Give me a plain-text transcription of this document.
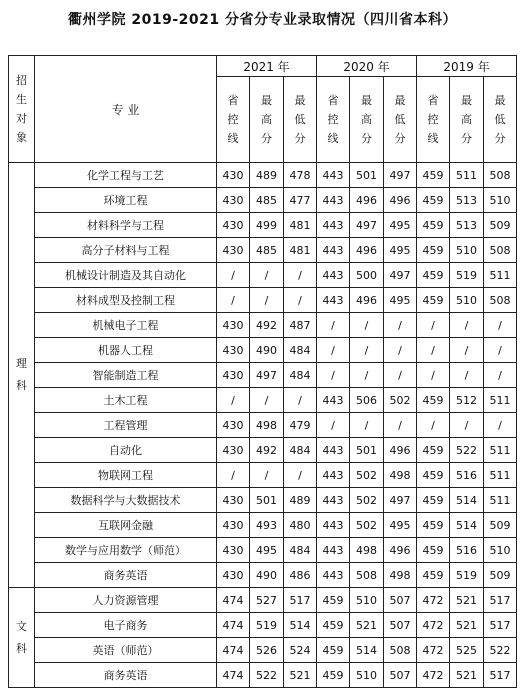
衢州学院 2019-2021 分省分专业录取情况（四川省本科）
招
生
对
象	专 业	2021 年			2020 年			2019 年		
		省
控
线	最
高
分	最
低
分	省
控
线	最
高
分	最
低
分	省
控
线	最
高
分	最
低
分
理
科	化学工程与工艺	430	489	478	443	501	497	459	511	508
	环境工程	430	485	477	443	496	496	459	513	510
	材料科学与工程	430	499	481	443	497	495	459	513	509
	高分子材料与工程	430	485	481	443	496	495	459	510	508
	机械设计制造及其自动化	/	/	/	443	500	497	459	519	511
	材料成型及控制工程	/	/	/	443	496	495	459	510	508
	机械电子工程	430	492	487	/	/	/	/	/	/
	机器人工程	430	490	484	/	/	/	/	/	/
	智能制造工程	430	497	484	/	/	/	/	/	/
	土木工程	/	/	/	443	506	502	459	512	511
	工程管理	430	498	479	/	/	/	/	/	/
	自动化	430	492	484	443	501	496	459	522	511
	物联网工程	/	/	/	443	502	498	459	516	511
	数据科学与大数据技术	430	501	489	443	502	497	459	514	511
	互联网金融	430	493	480	443	502	495	459	514	509
	数学与应用数学（师范）	430	495	484	443	498	496	459	516	510
	商务英语	430	490	486	443	508	498	459	519	509
文
科	人力资源管理	474	527	517	459	510	507	472	521	517
	电子商务	474	519	514	459	521	507	472	521	517
	英语（师范）	474	526	524	459	514	508	472	525	522
	商务英语	474	522	521	459	510	507	472	521	517
